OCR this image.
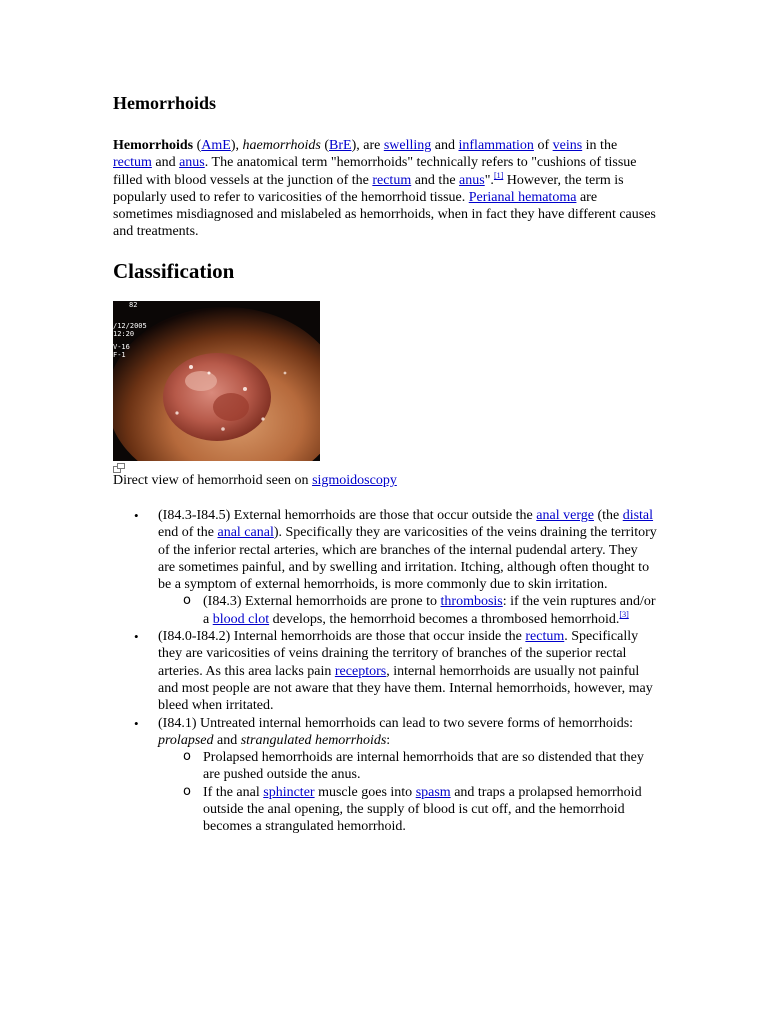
Hemorrhoids

Hemorrhoids (AmE), haemorrhoids (BrE), are swelling and inflammation of veins in the rectum and anus. The anatomical term "hemorrhoids" technically refers to "cushions of tissue filled with blood vessels at the junction of the rectum and the anus".[1] However, the term is popularly used to refer to varicosities of the hemorrhoid tissue. Perianal hematoma are sometimes misdiagnosed and mislabeled as hemorrhoids, when in fact they have different causes and treatments.

Classification
82
/12/2005
12:20
V-16
F-1

Direct view of hemorrhoid seen on sigmoidoscopy

• (I84.3-I84.5) External hemorrhoids are those that occur outside the anal verge (the distal end of the anal canal). Specifically they are varicosities of the veins draining the territory of the inferior rectal arteries, which are branches of the internal pudendal artery. They are sometimes painful, and by swelling and irritation. Itching, although often thought to be a symptom of external hemorrhoids, is more commonly due to skin irritation.
o (I84.3) External hemorrhoids are prone to thrombosis: if the vein ruptures and/or a blood clot develops, the hemorrhoid becomes a thrombosed hemorrhoid.[3]
• (I84.0-I84.2) Internal hemorrhoids are those that occur inside the rectum. Specifically they are varicosities of veins draining the territory of branches of the superior rectal arteries. As this area lacks pain receptors, internal hemorrhoids are usually not painful and most people are not aware that they have them. Internal hemorrhoids, however, may bleed when irritated.
• (I84.1) Untreated internal hemorrhoids can lead to two severe forms of hemorrhoids: prolapsed and strangulated hemorrhoids:
o Prolapsed hemorrhoids are internal hemorrhoids that are so distended that they are pushed outside the anus.
o If the anal sphincter muscle goes into spasm and traps a prolapsed hemorrhoid outside the anal opening, the supply of blood is cut off, and the hemorrhoid becomes a strangulated hemorrhoid.
